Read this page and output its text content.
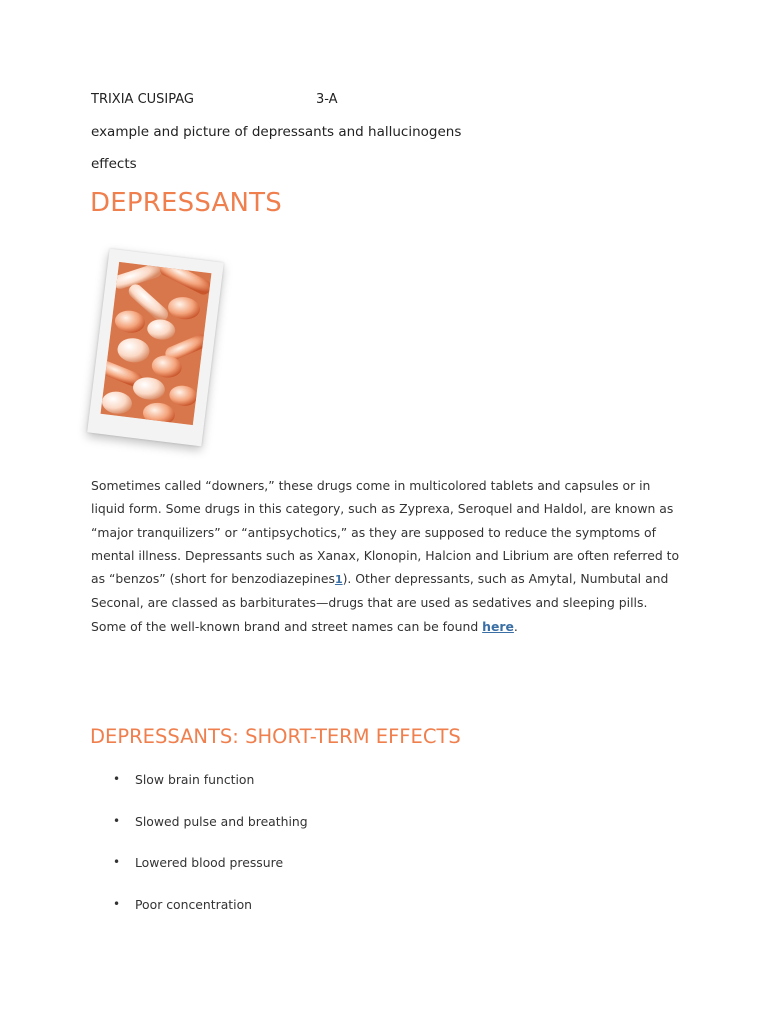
TRIXIA CUSIPAG	3-A
example and picture of depressants and hallucinogens
effects
DEPRESSANTS

Sometimes called “downers,” these drugs come in multicolored tablets and capsules or in liquid form. Some drugs in this category, such as Zyprexa, Seroquel and Haldol, are known as “major tranquilizers” or “antipsychotics,” as they are supposed to reduce the symptoms of mental illness. Depressants such as Xanax, Klonopin, Halcion and Librium are often referred to as “benzos” (short for benzodiazepines1). Other depressants, such as Amytal, Numbutal and Seconal, are classed as barbiturates—drugs that are used as sedatives and sleeping pills. Some of the well-known brand and street names can be found here.

DEPRESSANTS: SHORT-TERM EFFECTS
• Slow brain function
• Slowed pulse and breathing
• Lowered blood pressure
• Poor concentration
